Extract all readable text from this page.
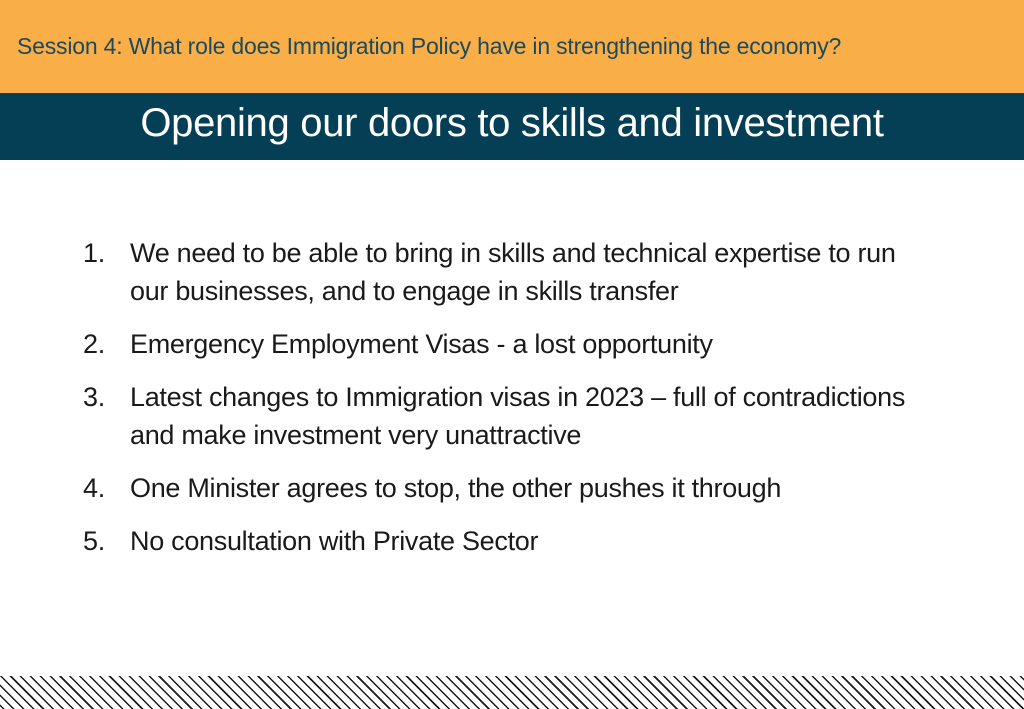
Session 4: What role does Immigration Policy have in strengthening the economy?
Opening our doors to skills and investment
1. We need to be able to bring in skills and technical expertise to run our businesses, and to engage in skills transfer
2. Emergency Employment Visas - a lost opportunity
3. Latest changes to Immigration visas in 2023 – full of contradictions and make investment very unattractive
4. One Minister agrees to stop, the other pushes it through
5. No consultation with Private Sector
